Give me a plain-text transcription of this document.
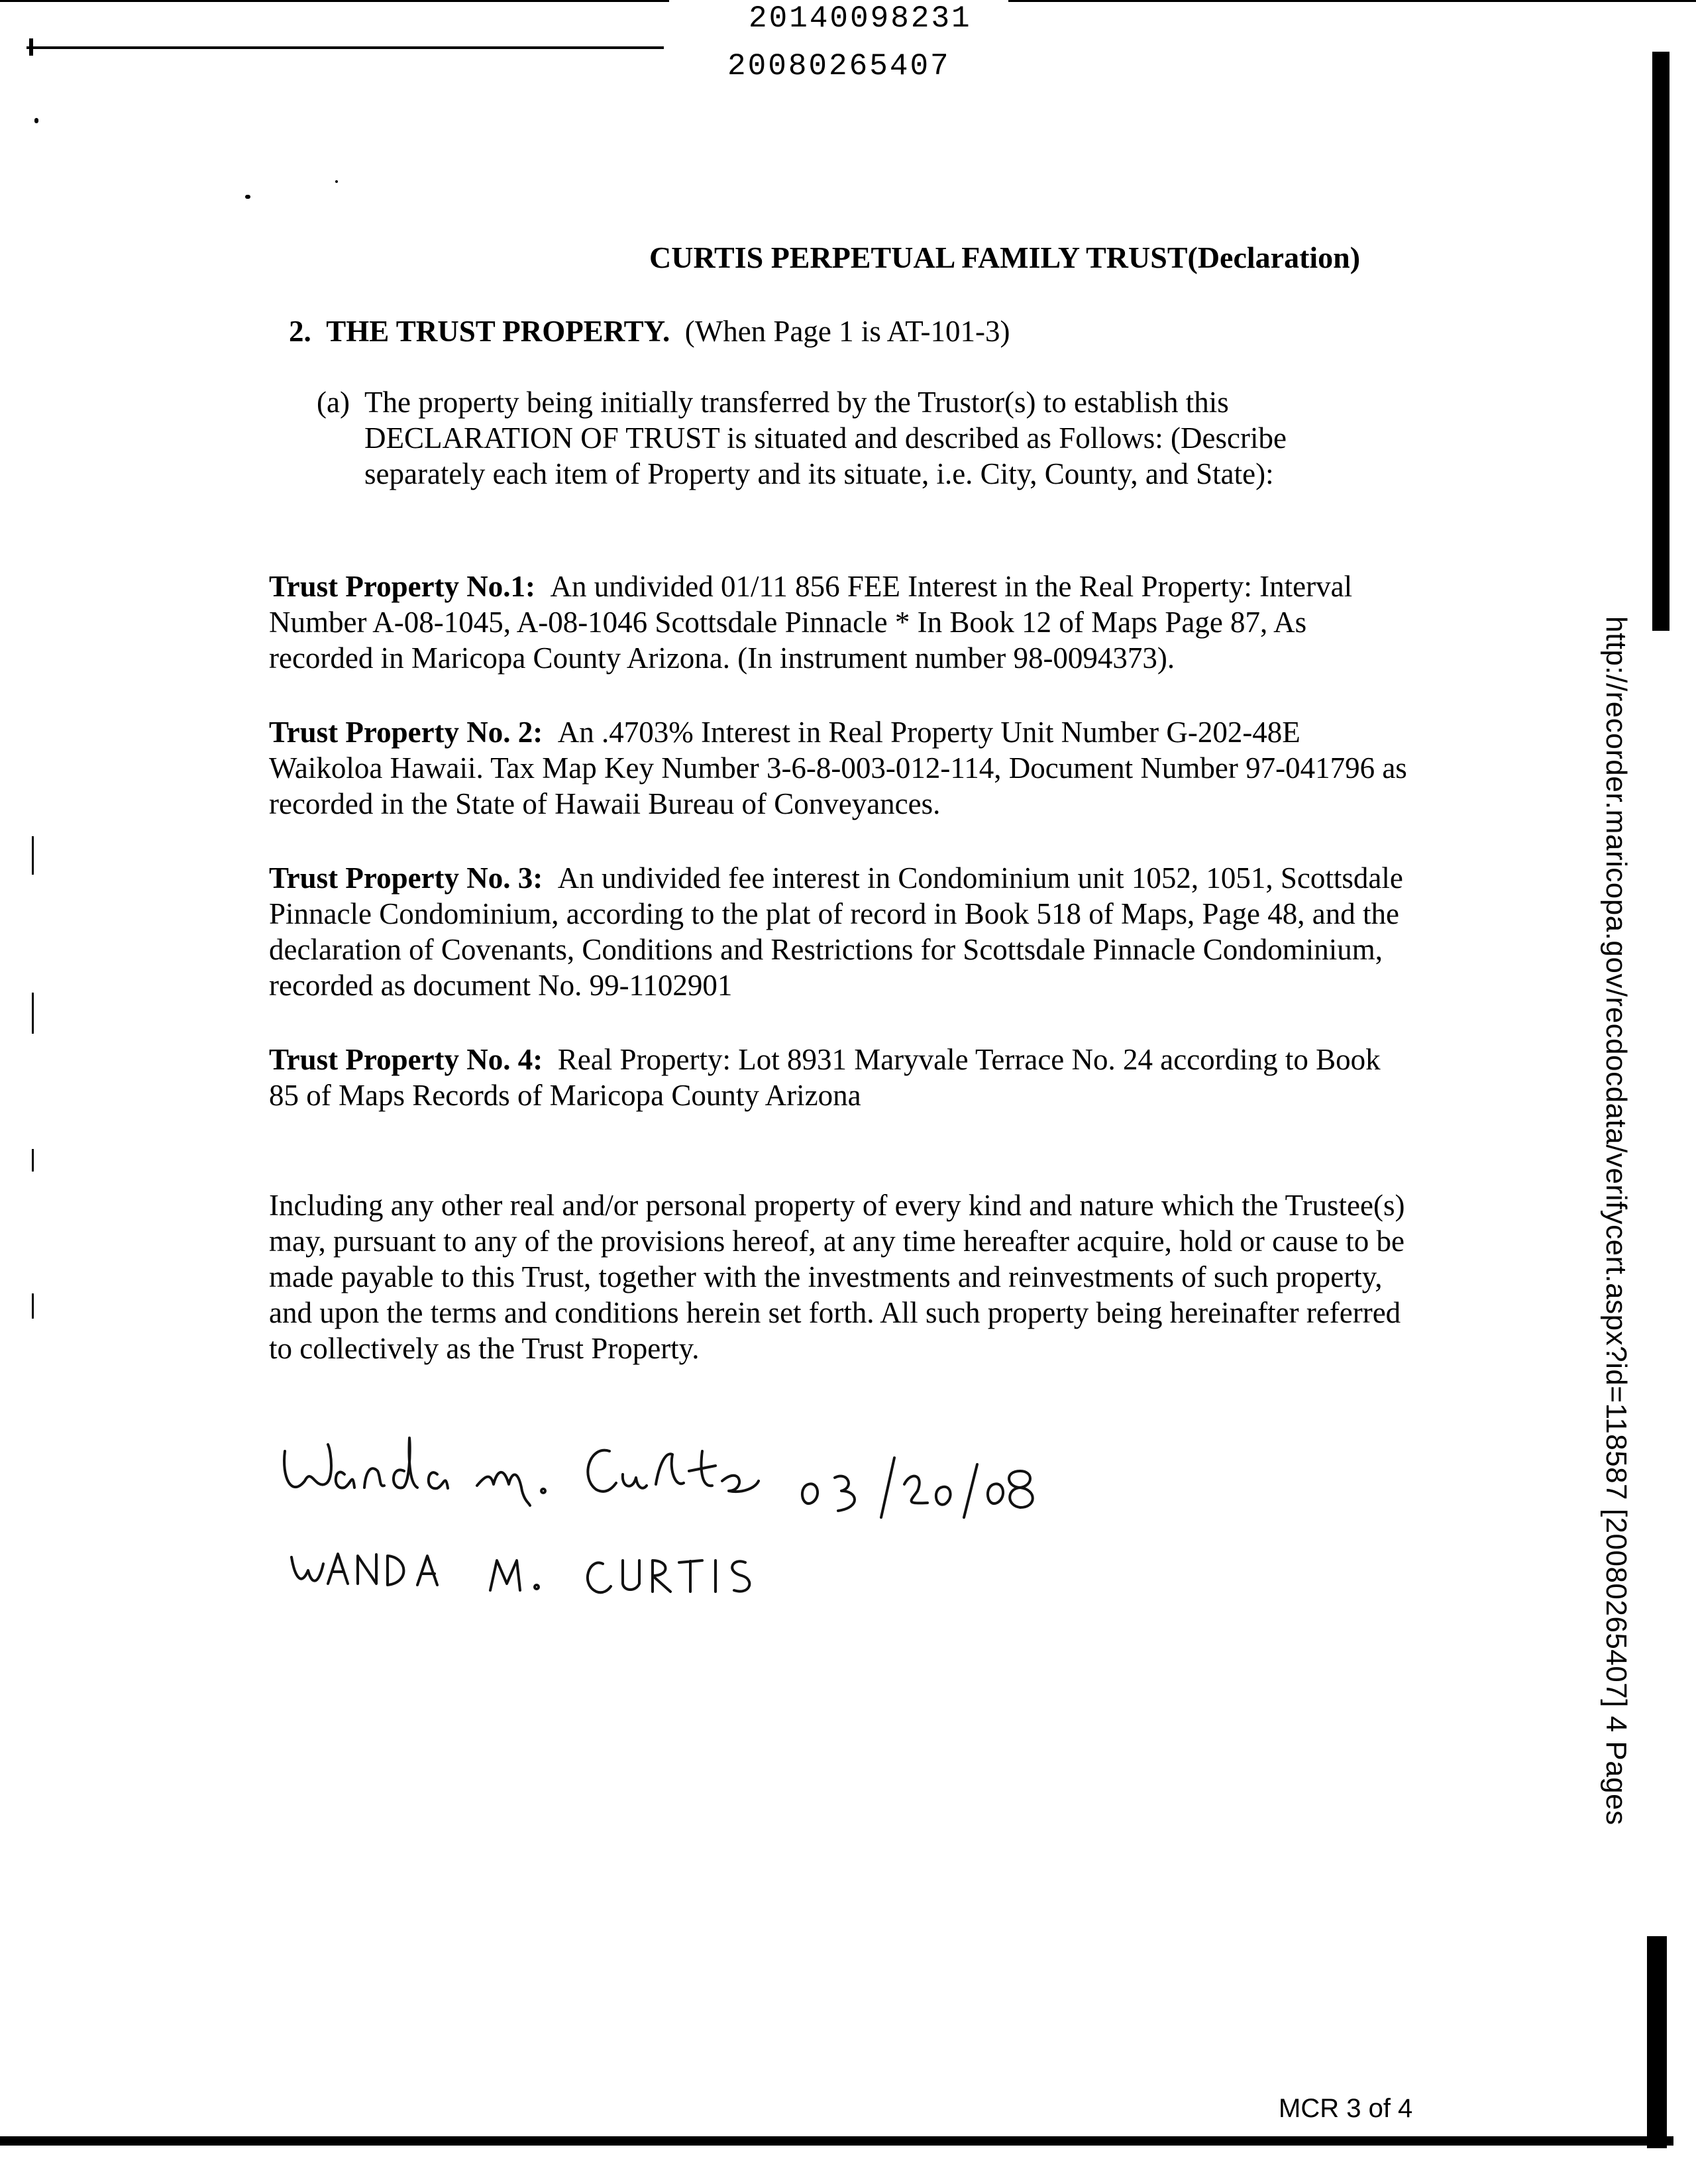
20140098231
20080265407
CURTIS PERPETUAL FAMILY TRUST(Declaration)
2. THE TRUST PROPERTY. (When Page 1 is AT-101-3)
(a) The property being initially transferred by the Trustor(s) to establish this DECLARATION OF TRUST is situated and described as Follows: (Describe separately each item of Property and its situate, i.e. City, County, and State):
Trust Property No.1: An undivided 01/11 856 FEE Interest in the Real Property: Interval Number A-08-1045, A-08-1046 Scottsdale Pinnacle * In Book 12 of Maps Page 87, As recorded in Maricopa County Arizona. (In instrument number 98-0094373).
Trust Property No. 2: An .4703% Interest in Real Property Unit Number G-202-48E Waikoloa Hawaii. Tax Map Key Number 3-6-8-003-012-114, Document Number 97-041796 as recorded in the State of Hawaii Bureau of Conveyances.
Trust Property No. 3: An undivided fee interest in Condominium unit 1052, 1051, Scottsdale Pinnacle Condominium, according to the plat of record in Book 518 of Maps, Page 48, and the declaration of Covenants, Conditions and Restrictions for Scottsdale Pinnacle Condominium, recorded as document No. 99-1102901
Trust Property No. 4: Real Property: Lot 8931 Maryvale Terrace No. 24 according to Book 85 of Maps Records of Maricopa County Arizona
Including any other real and/or personal property of every kind and nature which the Trustee(s) may, pursuant to any of the provisions hereof, at any time hereafter acquire, hold or cause to be made payable to this Trust, together with the investments and reinvestments of such property, and upon the terms and conditions herein set forth. All such property being hereinafter referred to collectively as the Trust Property.	http://recorder.maricopa.gov/recdocdata/verifycert.aspx?id=118587 [20080265407] 4 Pages
MCR 3 of 4
